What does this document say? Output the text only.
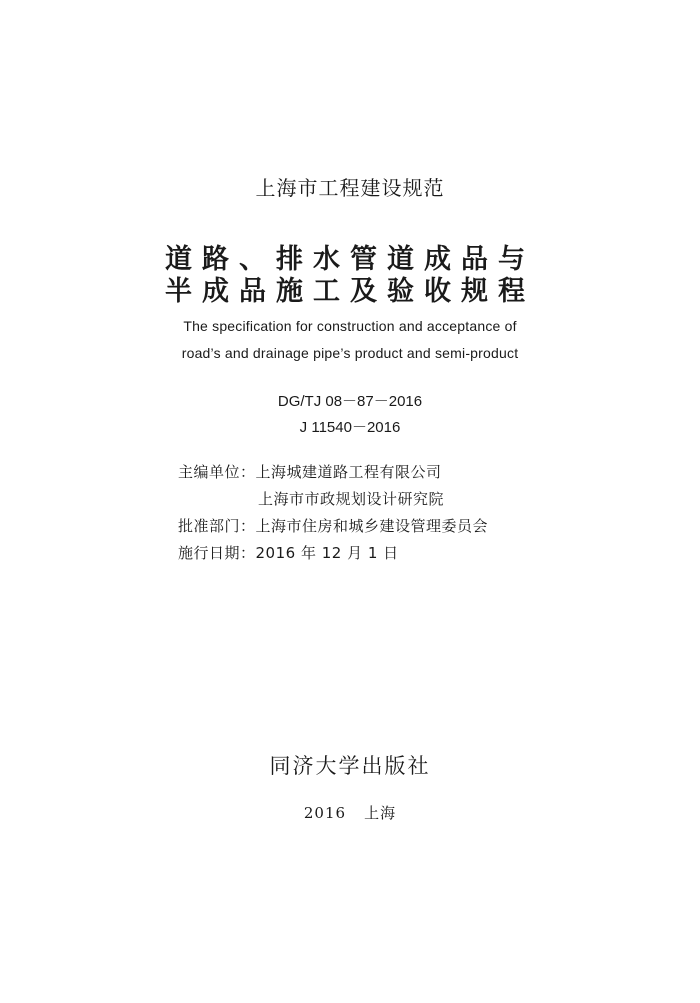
上海市工程建设规范
道路、排水管道成品与
半成品施工及验收规程
The specification for construction and acceptance of
road’s and drainage pipe’s product and semi-product
DG/TJ 08－87－2016
J 11540－2016
主编单位：上海城建道路工程有限公司
上海市市政规划设计研究院
批准部门：上海市住房和城乡建设管理委员会
施行日期：2016 年 12 月 1 日
同济大学出版社
2016 上海
